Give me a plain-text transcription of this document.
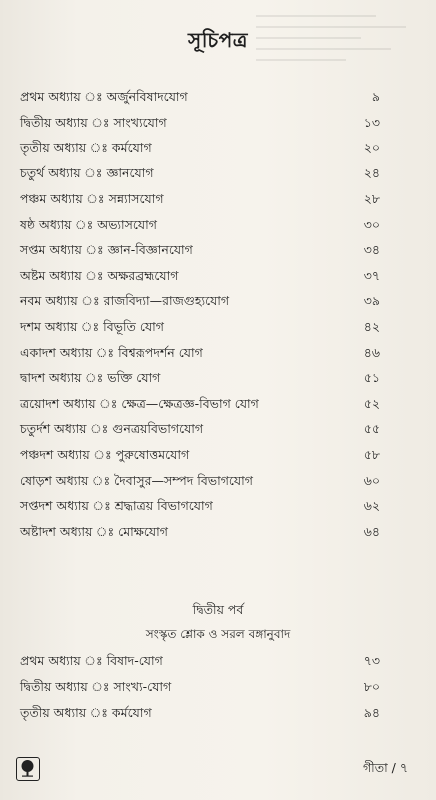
সূচিপত্র
প্রথম অধ্যায় ঃ অর্জুনবিষাদযোগ	৯
দ্বিতীয় অধ্যায় ঃ সাংখ্যযোগ	১৩
তৃতীয় অধ্যায় ঃ কর্মযোগ	২০
চতুর্থ অধ্যায় ঃ জ্ঞানযোগ	২৪
পঞ্চম অধ্যায় ঃ সন্ন্যাসযোগ	২৮
ষষ্ঠ অধ্যায় ঃ অভ্যাসযোগ	৩০
সপ্তম অধ্যায় ঃ জ্ঞান-বিজ্ঞানযোগ	৩৪
অষ্টম অধ্যায় ঃ অক্ষরব্রহ্মযোগ	৩৭
নবম অধ্যায় ঃ রাজবিদ্যা—রাজগুহ্যযোগ	৩৯
দশম অধ্যায় ঃ বিভূতি যোগ	৪২
একাদশ অধ্যায় ঃ বিশ্বরূপদর্শন যোগ	৪৬
দ্বাদশ অধ্যায় ঃ ভক্তি যোগ	৫১
ত্রয়োদশ অধ্যায় ঃ ক্ষেত্র—ক্ষেত্রজ্ঞ-বিভাগ যোগ	৫২
চতুর্দশ অধ্যায় ঃ গুনত্রয়বিভাগযোগ	৫৫
পঞ্চদশ অধ্যায় ঃ পুরুষোত্তমযোগ	৫৮
ষোড়শ অধ্যায় ঃ দৈবাসুর—সম্পদ বিভাগযোগ	৬০
সপ্তদশ অধ্যায় ঃ শ্রদ্ধাত্রয় বিভাগযোগ	৬২
অষ্টাদশ অধ্যায় ঃ মোক্ষযোগ	৬৪
দ্বিতীয় পর্ব
সংস্কৃত শ্লোক ও সরল বঙ্গানুবাদ
প্রথম অধ্যায় ঃ বিষাদ-যোগ	৭৩
দ্বিতীয় অধ্যায় ঃ সাংখ্য-যোগ	৮০
তৃতীয় অধ্যায় ঃ কর্মযোগ	৯৪
গীতা / ৭
